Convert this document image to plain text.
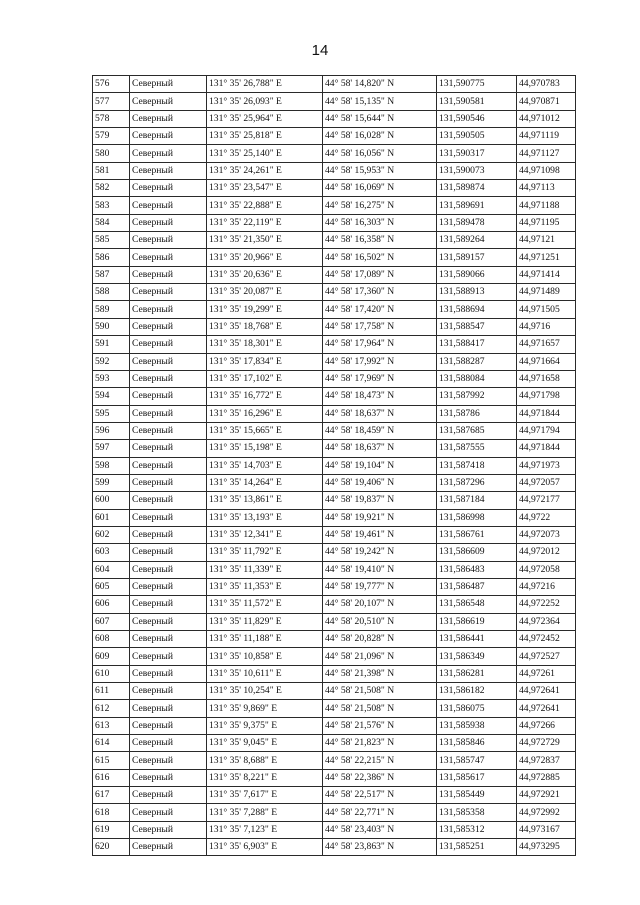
14
576	Северный	131° 35' 26,788" E	44° 58' 14,820" N	131,590775	44,970783
577	Северный	131° 35' 26,093" E	44° 58' 15,135" N	131,590581	44,970871
578	Северный	131° 35' 25,964" E	44° 58' 15,644" N	131,590546	44,971012
579	Северный	131° 35' 25,818" E	44° 58' 16,028" N	131,590505	44,971119
580	Северный	131° 35' 25,140" E	44° 58' 16,056" N	131,590317	44,971127
581	Северный	131° 35' 24,261" E	44° 58' 15,953" N	131,590073	44,971098
582	Северный	131° 35' 23,547" E	44° 58' 16,069" N	131,589874	44,97113
583	Северный	131° 35' 22,888" E	44° 58' 16,275" N	131,589691	44,971188
584	Северный	131° 35' 22,119" E	44° 58' 16,303" N	131,589478	44,971195
585	Северный	131° 35' 21,350" E	44° 58' 16,358" N	131,589264	44,97121
586	Северный	131° 35' 20,966" E	44° 58' 16,502" N	131,589157	44,971251
587	Северный	131° 35' 20,636" E	44° 58' 17,089" N	131,589066	44,971414
588	Северный	131° 35' 20,087" E	44° 58' 17,360" N	131,588913	44,971489
589	Северный	131° 35' 19,299" E	44° 58' 17,420" N	131,588694	44,971505
590	Северный	131° 35' 18,768" E	44° 58' 17,758" N	131,588547	44,9716
591	Северный	131° 35' 18,301" E	44° 58' 17,964" N	131,588417	44,971657
592	Северный	131° 35' 17,834" E	44° 58' 17,992" N	131,588287	44,971664
593	Северный	131° 35' 17,102" E	44° 58' 17,969" N	131,588084	44,971658
594	Северный	131° 35' 16,772" E	44° 58' 18,473" N	131,587992	44,971798
595	Северный	131° 35' 16,296" E	44° 58' 18,637" N	131,58786	44,971844
596	Северный	131° 35' 15,665" E	44° 58' 18,459" N	131,587685	44,971794
597	Северный	131° 35' 15,198" E	44° 58' 18,637" N	131,587555	44,971844
598	Северный	131° 35' 14,703" E	44° 58' 19,104" N	131,587418	44,971973
599	Северный	131° 35' 14,264" E	44° 58' 19,406" N	131,587296	44,972057
600	Северный	131° 35' 13,861" E	44° 58' 19,837" N	131,587184	44,972177
601	Северный	131° 35' 13,193" E	44° 58' 19,921" N	131,586998	44,9722
602	Северный	131° 35' 12,341" E	44° 58' 19,461" N	131,586761	44,972073
603	Северный	131° 35' 11,792" E	44° 58' 19,242" N	131,586609	44,972012
604	Северный	131° 35' 11,339" E	44° 58' 19,410" N	131,586483	44,972058
605	Северный	131° 35' 11,353" E	44° 58' 19,777" N	131,586487	44,97216
606	Северный	131° 35' 11,572" E	44° 58' 20,107" N	131,586548	44,972252
607	Северный	131° 35' 11,829" E	44° 58' 20,510" N	131,586619	44,972364
608	Северный	131° 35' 11,188" E	44° 58' 20,828" N	131,586441	44,972452
609	Северный	131° 35' 10,858" E	44° 58' 21,096" N	131,586349	44,972527
610	Северный	131° 35' 10,611" E	44° 58' 21,398" N	131,586281	44,97261
611	Северный	131° 35' 10,254" E	44° 58' 21,508" N	131,586182	44,972641
612	Северный	131° 35' 9,869" E	44° 58' 21,508" N	131,586075	44,972641
613	Северный	131° 35' 9,375" E	44° 58' 21,576" N	131,585938	44,97266
614	Северный	131° 35' 9,045" E	44° 58' 21,823" N	131,585846	44,972729
615	Северный	131° 35' 8,688" E	44° 58' 22,215" N	131,585747	44,972837
616	Северный	131° 35' 8,221" E	44° 58' 22,386" N	131,585617	44,972885
617	Северный	131° 35' 7,617" E	44° 58' 22,517" N	131,585449	44,972921
618	Северный	131° 35' 7,288" E	44° 58' 22,771" N	131,585358	44,972992
619	Северный	131° 35' 7,123" E	44° 58' 23,403" N	131,585312	44,973167
620	Северный	131° 35' 6,903" E	44° 58' 23,863" N	131,585251	44,973295
